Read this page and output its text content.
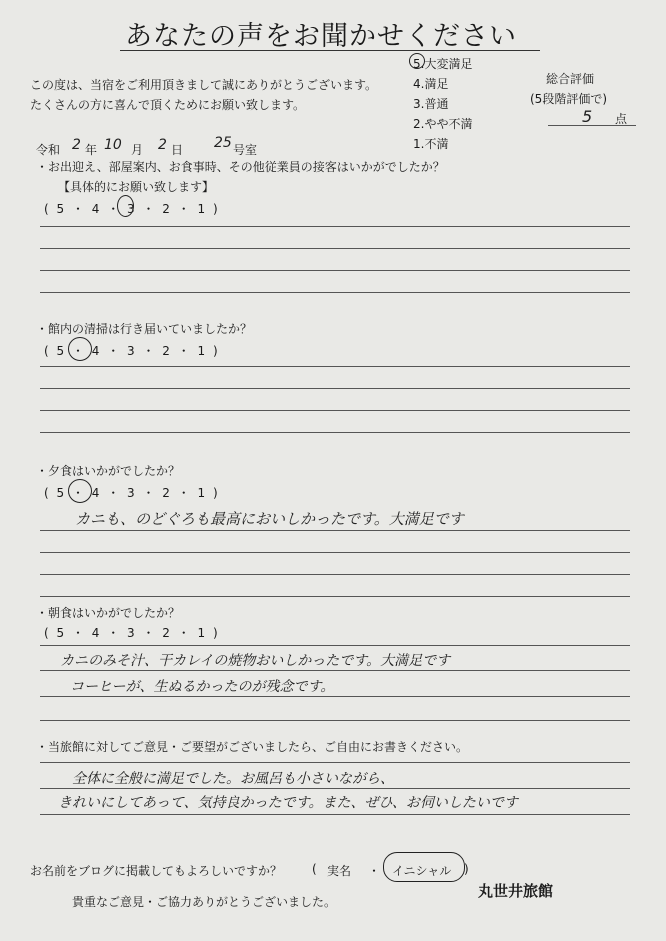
あなたの声をお聞かせください
この度は、当宿をご利用頂きまして誠にありがとうございます。
たくさんの方に喜んで頂くためにお願い致します。
5.大変満足
4.満足
3.普通
2.やや不満
1.不満
総合評価
(5段階評価で)
5 点
令和 2 年 10 月 2 日 25 号室
・お出迎え、部屋案内、お食事時、その他従業員の接客はいかがでしたか？
【具体的にお願い致します】
( 5 ・ 4 ・ 3 ・ 2 ・ 1 )
・館内の清掃は行き届いていましたか？
( 5 ・ 4 ・ 3 ・ 2 ・ 1 )
・夕食はいかがでしたか？
( 5 ・ 4 ・ 3 ・ 2 ・ 1 )
カニも、のどぐろも最高においしかったです。大満足です
・朝食はいかがでしたか？
( 5 ・ 4 ・ 3 ・ 2 ・ 1 )
カニのみそ汁、干カレイの焼物おいしかったです。大満足です
コーヒーが、生ぬるかったのが残念です。
・当旅館に対してご意見・ご要望がございましたら、ご自由にお書きください。
全体に全般に満足でした。お風呂も小さいながら、
きれいにしてあって、気持良かったです。また、ぜひ、お伺いしたいです
お名前をブログに掲載してもよろしいですか？ ( 実名 ・ イニシャル )
貴重なご意見・ご協力ありがとうございました。
丸世井旅館
